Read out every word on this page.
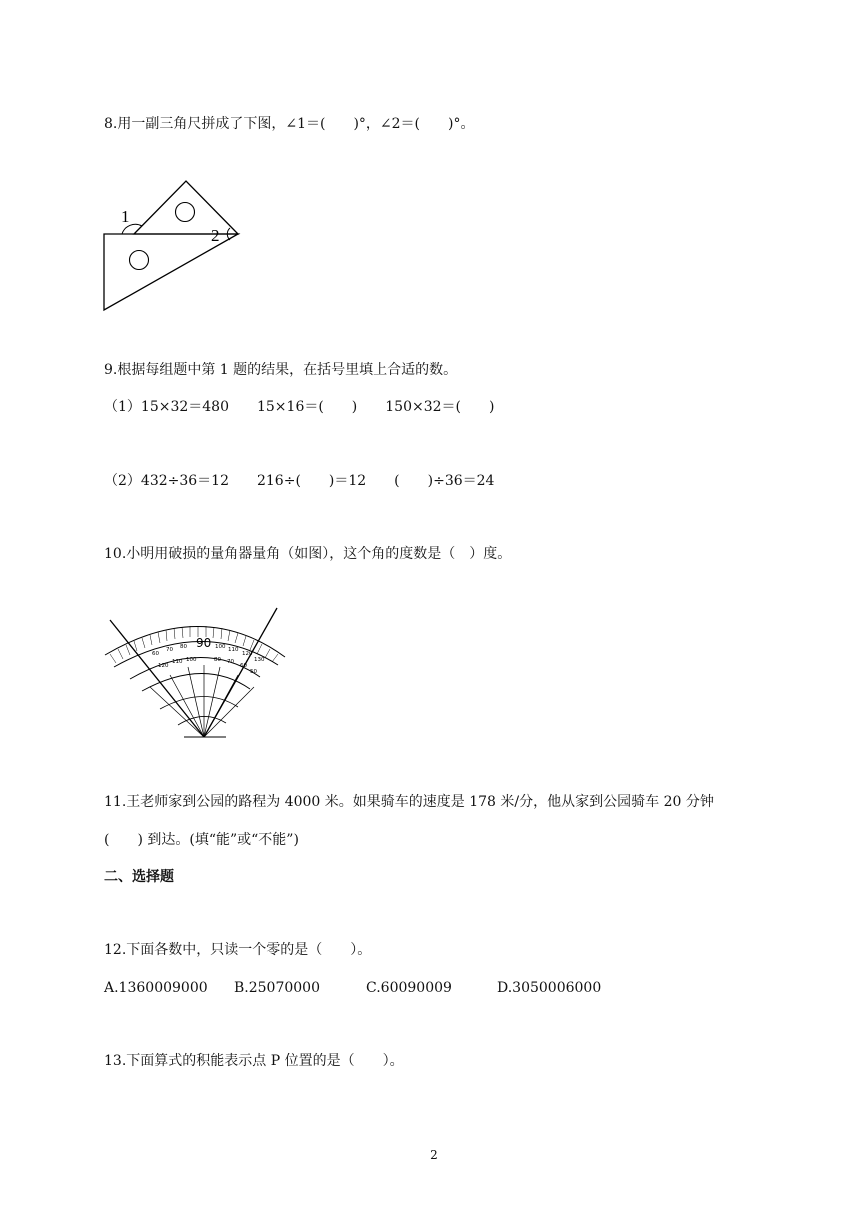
8.用一副三角尺拼成了下图，∠1＝(　　)°，∠2＝(　　)°。
1
2
9.根据每组题中第 1 题的结果，在括号里填上合适的数。
（1）15×32＝480　　15×16＝(　　)　　150×32＝(　　)
（2）432÷36＝12　　216÷(　　)＝12　　(　　)÷36＝24
10.小明用破损的量角器量角（如图），这个角的度数是（　）度。
90
60
70 80	100 110
120
130
120
110 100	80 70
60
50
11.王老师家到公园的路程为 4000 米。如果骑车的速度是 178 米/分，他从家到公园骑车 20 分钟
(　　) 到达。(填“能”或“不能”)
二、选择题
12.下面各数中，只读一个零的是（　　）。
A.1360009000 B.25070000	C.60090009	D.3050006000
13.下面算式的积能表示点 P 位置的是（　　）。
2
